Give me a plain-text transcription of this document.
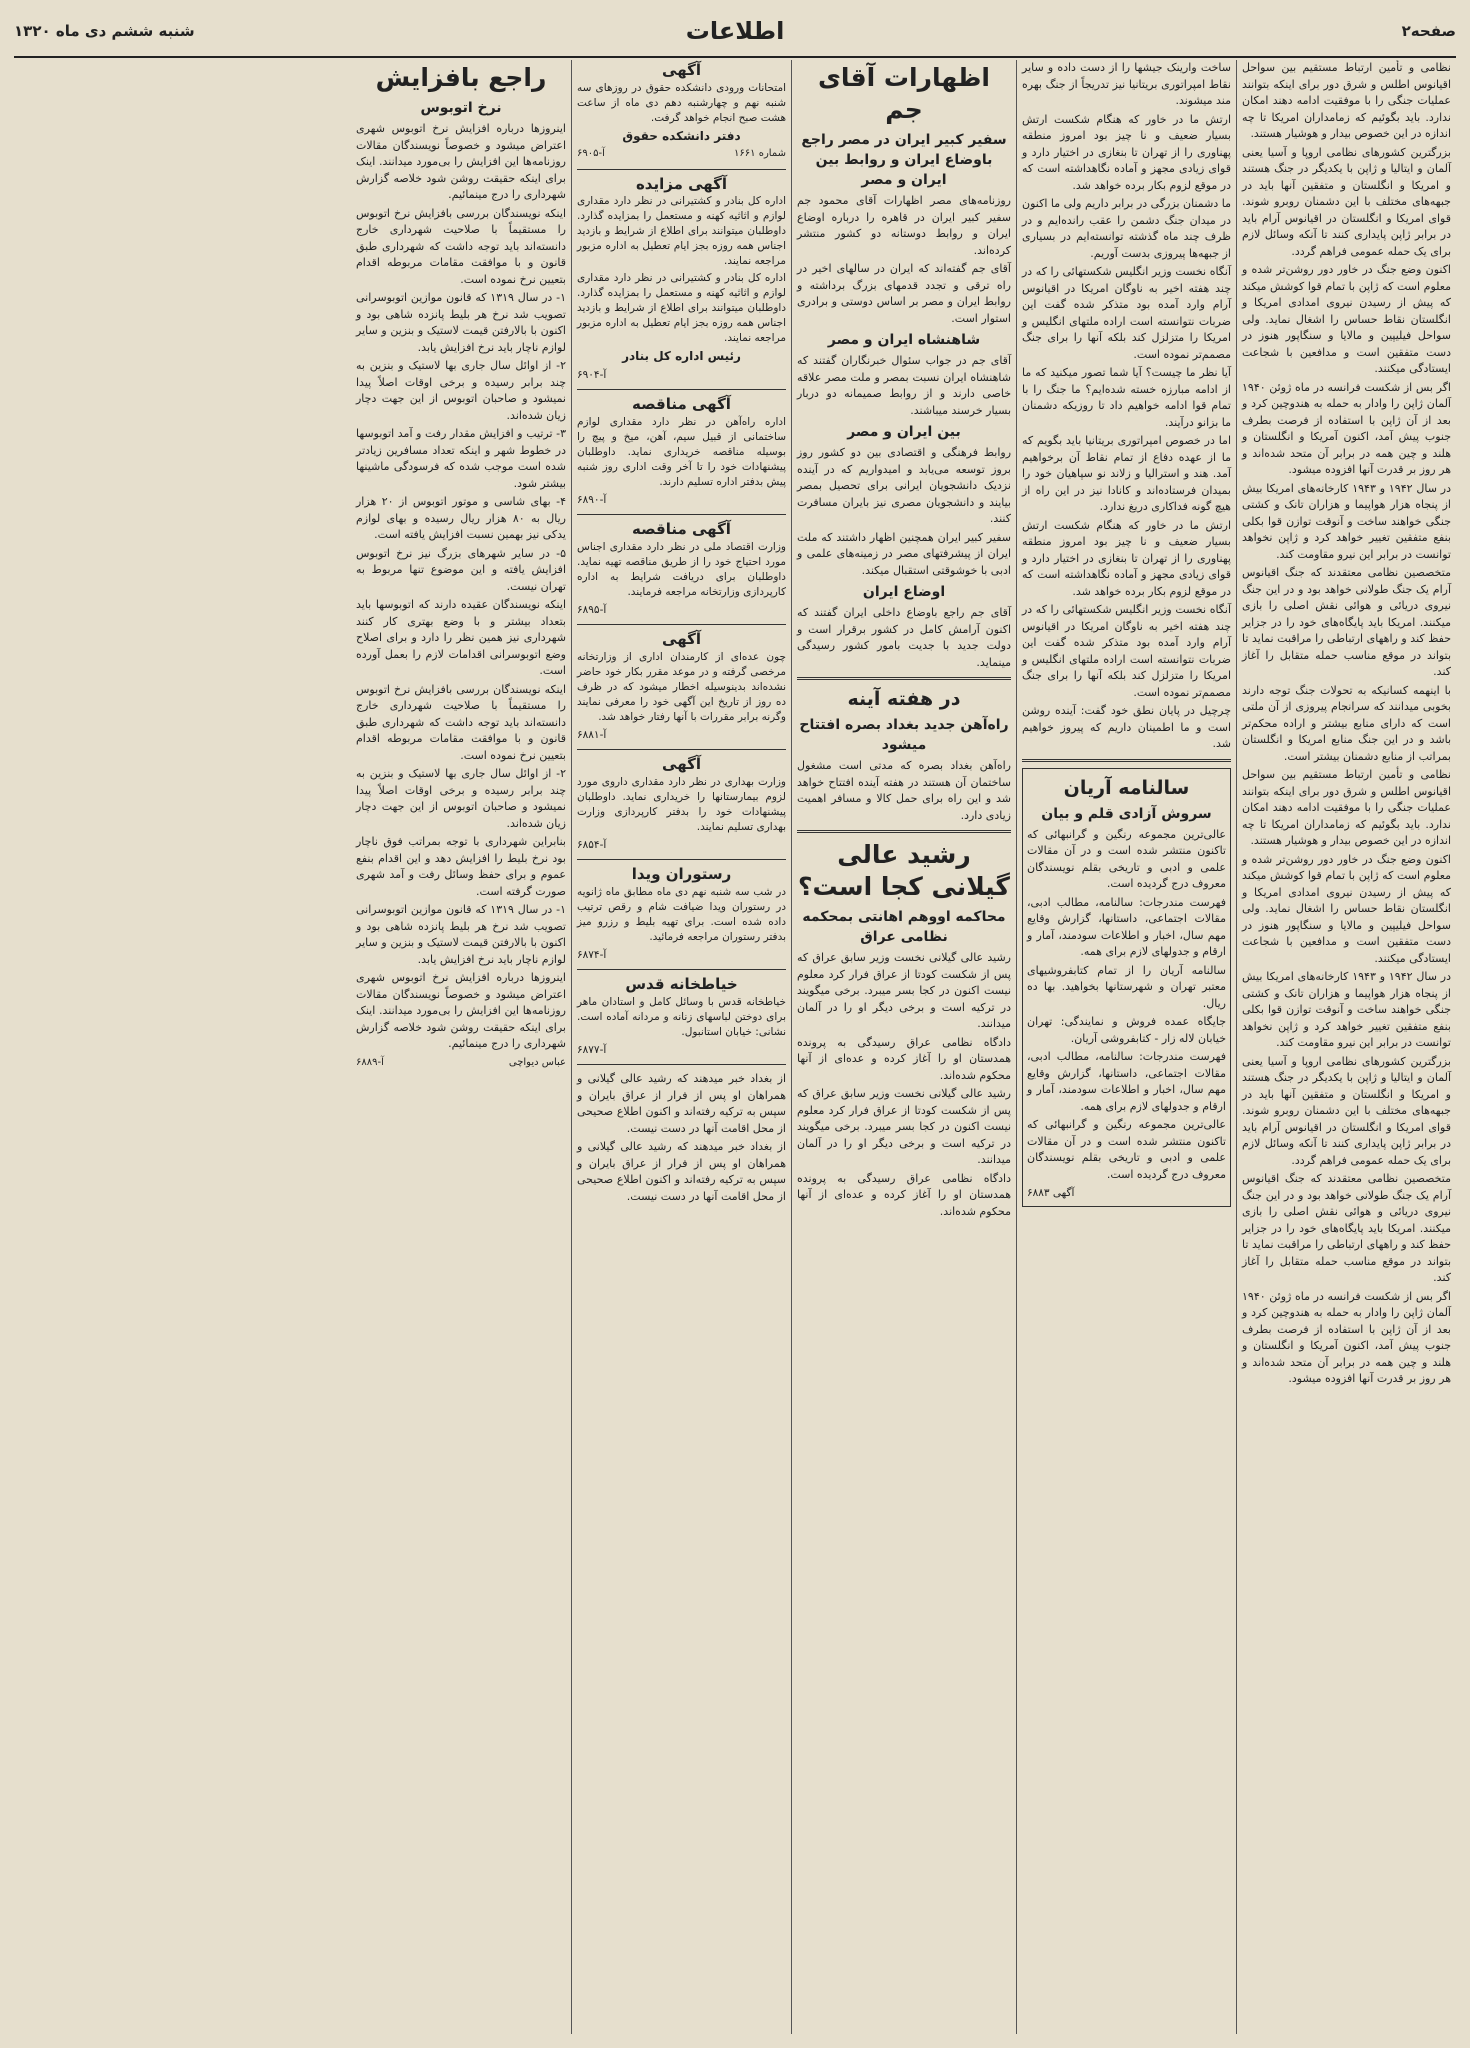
صفحه۲
اطلاعات
شنبه ششم دی ماه ۱۳۲۰

نظامی و تأمین ارتباط مستقیم بین سواحل اقیانوس اطلس و شرق دور برای اینکه بتوانند عملیات جنگی را با موفقیت ادامه دهند امکان ندارد. باید بگوئیم که زمامداران امریکا تا چه اندازه در این خصوص بیدار و هوشیار هستند.

بزرگترین کشورهای نظامی اروپا و آسیا یعنی آلمان و ایتالیا و ژاپن با یکدیگر در جنگ هستند و امریکا و انگلستان و متفقین آنها باید در جبهه‌های مختلف با این دشمنان روبرو شوند. قوای امریکا و انگلستان در اقیانوس آرام باید در برابر ژاپن پایداری کنند تا آنکه وسائل لازم برای یک حمله عمومی فراهم گردد.

اکنون وضع جنگ در خاور دور روشن‌تر شده و معلوم است که ژاپن با تمام قوا کوشش میکند که پیش از رسیدن نیروی امدادی امریکا و انگلستان نقاط حساس را اشغال نماید. ولی سواحل فیلیپین و مالایا و سنگاپور هنوز در دست متفقین است و مدافعین با شجاعت ایستادگی میکنند.

اگر بس از شکست فرانسه در ماه ژوئن ۱۹۴۰ آلمان ژاپن را وادار به حمله به هندوچین کرد و بعد از آن ژاپن با استفاده از فرصت بطرف جنوب پیش آمد، اکنون آمریکا و انگلستان و هلند و چین همه در برابر آن متحد شده‌اند و هر روز بر قدرت آنها افزوده میشود.

در سال ۱۹۴۲ و ۱۹۴۳ کارخانه‌های امریکا بیش از پنجاه هزار هواپیما و هزاران تانک و کشتی جنگی خواهند ساخت و آنوقت توازن قوا بکلی بنفع متفقین تغییر خواهد کرد و ژاپن نخواهد توانست در برابر این نیرو مقاومت کند.

متخصصین نظامی معتقدند که جنگ اقیانوس آرام یک جنگ طولانی خواهد بود و در این جنگ نیروی دریائی و هوائی نقش اصلی را بازی میکنند. امریکا باید پایگاه‌های خود را در جزایر حفظ کند و راههای ارتباطی را مراقبت نماید تا بتواند در موقع مناسب حمله متقابل را آغاز کند.

با اینهمه کسانیکه به تحولات جنگ توجه دارند بخوبی میدانند که سرانجام پیروزی از آن ملتی است که دارای منابع بیشتر و اراده محکم‌تر باشد و در این جنگ منابع امریکا و انگلستان بمراتب از منابع دشمنان بیشتر است.

نظامی و تأمین ارتباط مستقیم بین سواحل اقیانوس اطلس و شرق دور برای اینکه بتوانند عملیات جنگی را با موفقیت ادامه دهند امکان ندارد. باید بگوئیم که زمامداران امریکا تا چه اندازه در این خصوص بیدار و هوشیار هستند.

اکنون وضع جنگ در خاور دور روشن‌تر شده و معلوم است که ژاپن با تمام قوا کوشش میکند که پیش از رسیدن نیروی امدادی امریکا و انگلستان نقاط حساس را اشغال نماید. ولی سواحل فیلیپین و مالایا و سنگاپور هنوز در دست متفقین است و مدافعین با شجاعت ایستادگی میکنند.

در سال ۱۹۴۲ و ۱۹۴۳ کارخانه‌های امریکا بیش از پنجاه هزار هواپیما و هزاران تانک و کشتی جنگی خواهند ساخت و آنوقت توازن قوا بکلی بنفع متفقین تغییر خواهد کرد و ژاپن نخواهد توانست در برابر این نیرو مقاومت کند.

بزرگترین کشورهای نظامی اروپا و آسیا یعنی آلمان و ایتالیا و ژاپن با یکدیگر در جنگ هستند و امریکا و انگلستان و متفقین آنها باید در جبهه‌های مختلف با این دشمنان روبرو شوند. قوای امریکا و انگلستان در اقیانوس آرام باید در برابر ژاپن پایداری کنند تا آنکه وسائل لازم برای یک حمله عمومی فراهم گردد.

متخصصین نظامی معتقدند که جنگ اقیانوس آرام یک جنگ طولانی خواهد بود و در این جنگ نیروی دریائی و هوائی نقش اصلی را بازی میکنند. امریکا باید پایگاه‌های خود را در جزایر حفظ کند و راههای ارتباطی را مراقبت نماید تا بتواند در موقع مناسب حمله متقابل را آغاز کند.

اگر بس از شکست فرانسه در ماه ژوئن ۱۹۴۰ آلمان ژاپن را وادار به حمله به هندوچین کرد و بعد از آن ژاپن با استفاده از فرصت بطرف جنوب پیش آمد، اکنون آمریکا و انگلستان و هلند و چین همه در برابر آن متحد شده‌اند و هر روز بر قدرت آنها افزوده میشود.

ساخت وارینک جیشها را از دست داده و سایر نقاط امپراتوری بریتانیا نیز تدریجاً از جنگ بهره مند میشوند.

ارتش ما در خاور که هنگام شکست ارتش بسیار ضعیف و نا چیز بود امروز منطقه پهناوری را از تهران تا بنغازی در اختیار دارد و قوای زیادی مجهز و آماده نگاهداشته است که در موقع لزوم بکار برده خواهد شد.

ما دشمنان بزرگی در برابر داریم ولی ما اکنون در میدان جنگ دشمن را عقب رانده‌ایم و در ظرف چند ماه گذشته توانسته‌ایم در بسیاری از جبهه‌ها پیروزی بدست آوریم.

آنگاه نخست وزیر انگلیس شکستهائی را که در چند هفته اخیر به ناوگان امریکا در اقیانوس آرام وارد آمده بود متذکر شده گفت این ضربات نتوانسته است اراده ملتهای انگلیس و امریکا را متزلزل کند بلکه آنها را برای جنگ مصمم‌تر نموده است.

آیا نظر ما چیست؟ آیا شما تصور میکنید که ما از ادامه مبارزه خسته شده‌ایم؟ ما جنگ را با تمام قوا ادامه خواهیم داد تا روزیکه دشمنان ما بزانو درآیند.

اما در خصوص امپراتوری بریتانیا باید بگویم که ما از عهده دفاع از تمام نقاط آن برخواهیم آمد. هند و استرالیا و زلاند نو سپاهیان خود را بمیدان فرستاده‌اند و کانادا نیز در این راه از هیچ گونه فداکاری دریغ ندارد.

ارتش ما در خاور که هنگام شکست ارتش بسیار ضعیف و نا چیز بود امروز منطقه پهناوری را از تهران تا بنغازی در اختیار دارد و قوای زیادی مجهز و آماده نگاهداشته است که در موقع لزوم بکار برده خواهد شد.

آنگاه نخست وزیر انگلیس شکستهائی را که در چند هفته اخیر به ناوگان امریکا در اقیانوس آرام وارد آمده بود متذکر شده گفت این ضربات نتوانسته است اراده ملتهای انگلیس و امریکا را متزلزل کند بلکه آنها را برای جنگ مصمم‌تر نموده است.

چرچیل در پایان نطق خود گفت: آینده روشن است و ما اطمینان داریم که پیروز خواهیم شد.

سالنامه آریان
سروش آزادی قلم و بیان

عالی‌ترین مجموعه رنگین و گرانبهائی که تاکنون منتشر شده است و در آن مقالات علمی و ادبی و تاریخی بقلم نویسندگان معروف درج گردیده است.

فهرست مندرجات: سالنامه، مطالب ادبی، مقالات اجتماعی، داستانها، گزارش وقایع مهم سال، اخبار و اطلاعات سودمند، آمار و ارقام و جدولهای لازم برای همه.

سالنامه آریان را از تمام کتابفروشیهای معتبر تهران و شهرستانها بخواهید. بها ده ریال.

جایگاه عمده فروش و نمایندگی: تهران خیابان لاله زار - کتابفروشی آریان.

فهرست مندرجات: سالنامه، مطالب ادبی، مقالات اجتماعی، داستانها، گزارش وقایع مهم سال، اخبار و اطلاعات سودمند، آمار و ارقام و جدولهای لازم برای همه.

عالی‌ترین مجموعه رنگین و گرانبهائی که تاکنون منتشر شده است و در آن مقالات علمی و ادبی و تاریخی بقلم نویسندگان معروف درج گردیده است.

آگهی ۶۸۸۳
اظهارات آقای جم
سفیر کبیر ایران در مصر راجع باوضاع ایران و روابط بین ایران و مصر

روزنامه‌های مصر اظهارات آقای محمود جم سفیر کبیر ایران در قاهره را درباره اوضاع ایران و روابط دوستانه دو کشور منتشر کرده‌اند.

آقای جم گفته‌اند که ایران در سالهای اخیر در راه ترقی و تجدد قدمهای بزرگ برداشته و روابط ایران و مصر بر اساس دوستی و برادری استوار است.

شاهنشاه ایران و مصر

آقای جم در جواب سئوال خبرنگاران گفتند که شاهنشاه ایران نسبت بمصر و ملت مصر علاقه خاصی دارند و از روابط صمیمانه دو دربار بسیار خرسند میباشند.

بین ایران و مصر

روابط فرهنگی و اقتصادی بین دو کشور روز بروز توسعه می‌یابد و امیدواریم که در آینده نزدیک دانشجویان ایرانی برای تحصیل بمصر بیایند و دانشجویان مصری نیز بایران مسافرت کنند.

سفیر کبیر ایران همچنین اظهار داشتند که ملت ایران از پیشرفتهای مصر در زمینه‌های علمی و ادبی با خوشوقتی استقبال میکند.

اوضاع ایران

آقای جم راجع باوضاع داخلی ایران گفتند که اکنون آرامش کامل در کشور برقرار است و دولت جدید با جدیت بامور کشور رسیدگی مینماید.

در هفته آینه
راه‌آهن جدید بغداد بصره افتتاح میشود

راه‌آهن بغداد بصره که مدتی است مشغول ساختمان آن هستند در هفته آینده افتتاح خواهد شد و این راه برای حمل کالا و مسافر اهمیت زیادی دارد.

رشید عالی گیلانی کجا است؟
محاکمه اووهم اهانتی بمحکمه نظامی عراق

رشید عالی گیلانی نخست وزیر سابق عراق که پس از شکست کودتا از عراق فرار کرد معلوم نیست اکنون در کجا بسر میبرد. برخی میگویند در ترکیه است و برخی دیگر او را در آلمان میدانند.

دادگاه نظامی عراق رسیدگی به پرونده همدستان او را آغاز کرده و عده‌ای از آنها محکوم شده‌اند.

رشید عالی گیلانی نخست وزیر سابق عراق که پس از شکست کودتا از عراق فرار کرد معلوم نیست اکنون در کجا بسر میبرد. برخی میگویند در ترکیه است و برخی دیگر او را در آلمان میدانند.

دادگاه نظامی عراق رسیدگی به پرونده همدستان او را آغاز کرده و عده‌ای از آنها محکوم شده‌اند.

آگهی

امتحانات ورودی دانشکده حقوق در روزهای سه شنبه نهم و چهارشنبه دهم دی ماه از ساعت هشت صبح انجام خواهد گرفت.

دفتر دانشکده حقوق
شماره ۱۶۶۱
آ-۶۹۰۵
آگهی مزایده

اداره کل بنادر و کشتیرانی در نظر دارد مقداری لوازم و اثاثیه کهنه و مستعمل را بمزایده گذارد. داوطلبان میتوانند برای اطلاع از شرایط و بازدید اجناس همه روزه بجز ایام تعطیل به اداره مزبور مراجعه نمایند.

اداره کل بنادر و کشتیرانی در نظر دارد مقداری لوازم و اثاثیه کهنه و مستعمل را بمزایده گذارد. داوطلبان میتوانند برای اطلاع از شرایط و بازدید اجناس همه روزه بجز ایام تعطیل به اداره مزبور مراجعه نمایند.

رئیس اداره کل بنادر
آ-۶۹۰۴
آگهی مناقصه

اداره راه‌آهن در نظر دارد مقداری لوازم ساختمانی از قبیل سیم، آهن، میخ و پیچ را بوسیله مناقصه خریداری نماید. داوطلبان پیشنهادات خود را تا آخر وقت اداری روز شنبه پیش بدفتر اداره تسلیم دارند.

آ-۶۸۹۰
آگهی مناقصه

وزارت اقتصاد ملی در نظر دارد مقداری اجناس مورد احتیاج خود را از طریق مناقصه تهیه نماید. داوطلبان برای دریافت شرایط به اداره کارپردازی وزارتخانه مراجعه فرمایند.

آ-۶۸۹۵
آگهی

چون عده‌ای از کارمندان اداری از وزارتخانه مرخصی گرفته و در موعد مقرر بکار خود حاضر نشده‌اند بدینوسیله اخطار میشود که در ظرف ده روز از تاریخ این آگهی خود را معرفی نمایند وگرنه برابر مقررات با آنها رفتار خواهد شد.

آ-۶۸۸۱
آگهی

وزارت بهداری در نظر دارد مقداری داروی مورد لزوم بیمارستانها را خریداری نماید. داوطلبان پیشنهادات خود را بدفتر کارپردازی وزارت بهداری تسلیم نمایند.

آ-۶۸۵۴
رستوران ویدا

در شب سه شنبه نهم دی ماه مطابق ماه ژانویه در رستوران ویدا ضیافت شام و رقص ترتیب داده شده است. برای تهیه بلیط و رزرو میز بدفتر رستوران مراجعه فرمائید.

آ-۶۸۷۴
خیاطخانه قدس

خیاطخانه قدس با وسائل کامل و استادان ماهر برای دوختن لباسهای زنانه و مردانه آماده است. نشانی: خیابان استانبول.

آ-۶۸۷۷

از بغداد خبر میدهند که رشید عالی گیلانی و همراهان او پس از فرار از عراق بایران و سپس به ترکیه رفته‌اند و اکنون اطلاع صحیحی از محل اقامت آنها در دست نیست.

از بغداد خبر میدهند که رشید عالی گیلانی و همراهان او پس از فرار از عراق بایران و سپس به ترکیه رفته‌اند و اکنون اطلاع صحیحی از محل اقامت آنها در دست نیست.

راجع بافزایش
نرخ اتوبوس

اینروزها درباره افزایش نرخ اتوبوس شهری اعتراض میشود و خصوصاً نویسندگان مقالات روزنامه‌ها این افزایش را بی‌مورد میدانند. اینک برای اینکه حقیقت روشن شود خلاصه گزارش شهرداری را درج مینمائیم.

اینکه نویسندگان بررسی بافزایش نرخ اتوبوس را مستقیماً با صلاحیت شهرداری خارج دانسته‌اند باید توجه داشت که شهرداری طبق قانون و با موافقت مقامات مربوطه اقدام بتعیین نرخ نموده است.

۱- در سال ۱۳۱۹ که قانون موازین اتوبوسرانی تصویب شد نرخ هر بلیط پانزده شاهی بود و اکنون با بالارفتن قیمت لاستیک و بنزین و سایر لوازم ناچار باید نرخ افزایش یابد.

۲- از اوائل سال جاری بها لاستیک و بنزین به چند برابر رسیده و برخی اوقات اصلاً پیدا نمیشود و صاحبان اتوبوس از این جهت دچار زیان شده‌اند.

۳- ترتیب و افزایش مقدار رفت و آمد اتوبوسها در خطوط شهر و اینکه تعداد مسافرین زیادتر شده است موجب شده که فرسودگی ماشینها بیشتر شود.

۴- بهای شاسی و موتور اتوبوس از ۲۰ هزار ریال به ۸۰ هزار ریال رسیده و بهای لوازم یدکی نیز بهمین نسبت افزایش یافته است.

۵- در سایر شهرهای بزرگ نیز نرخ اتوبوس افزایش یافته و این موضوع تنها مربوط به تهران نیست.

اینکه نویسندگان عقیده دارند که اتوبوسها باید بتعداد بیشتر و با وضع بهتری کار کنند شهرداری نیز همین نظر را دارد و برای اصلاح وضع اتوبوسرانی اقدامات لازم را بعمل آورده است.

اینکه نویسندگان بررسی بافزایش نرخ اتوبوس را مستقیماً با صلاحیت شهرداری خارج دانسته‌اند باید توجه داشت که شهرداری طبق قانون و با موافقت مقامات مربوطه اقدام بتعیین نرخ نموده است.

۲- از اوائل سال جاری بها لاستیک و بنزین به چند برابر رسیده و برخی اوقات اصلاً پیدا نمیشود و صاحبان اتوبوس از این جهت دچار زیان شده‌اند.

بنابراین شهرداری با توجه بمراتب فوق ناچار بود نرخ بلیط را افزایش دهد و این اقدام بنفع عموم و برای حفظ وسائل رفت و آمد شهری صورت گرفته است.

۱- در سال ۱۳۱۹ که قانون موازین اتوبوسرانی تصویب شد نرخ هر بلیط پانزده شاهی بود و اکنون با بالارفتن قیمت لاستیک و بنزین و سایر لوازم ناچار باید نرخ افزایش یابد.

اینروزها درباره افزایش نرخ اتوبوس شهری اعتراض میشود و خصوصاً نویسندگان مقالات روزنامه‌ها این افزایش را بی‌مورد میدانند. اینک برای اینکه حقیقت روشن شود خلاصه گزارش شهرداری را درج مینمائیم.

عباس دیواچی
آ-۶۸۸۹
